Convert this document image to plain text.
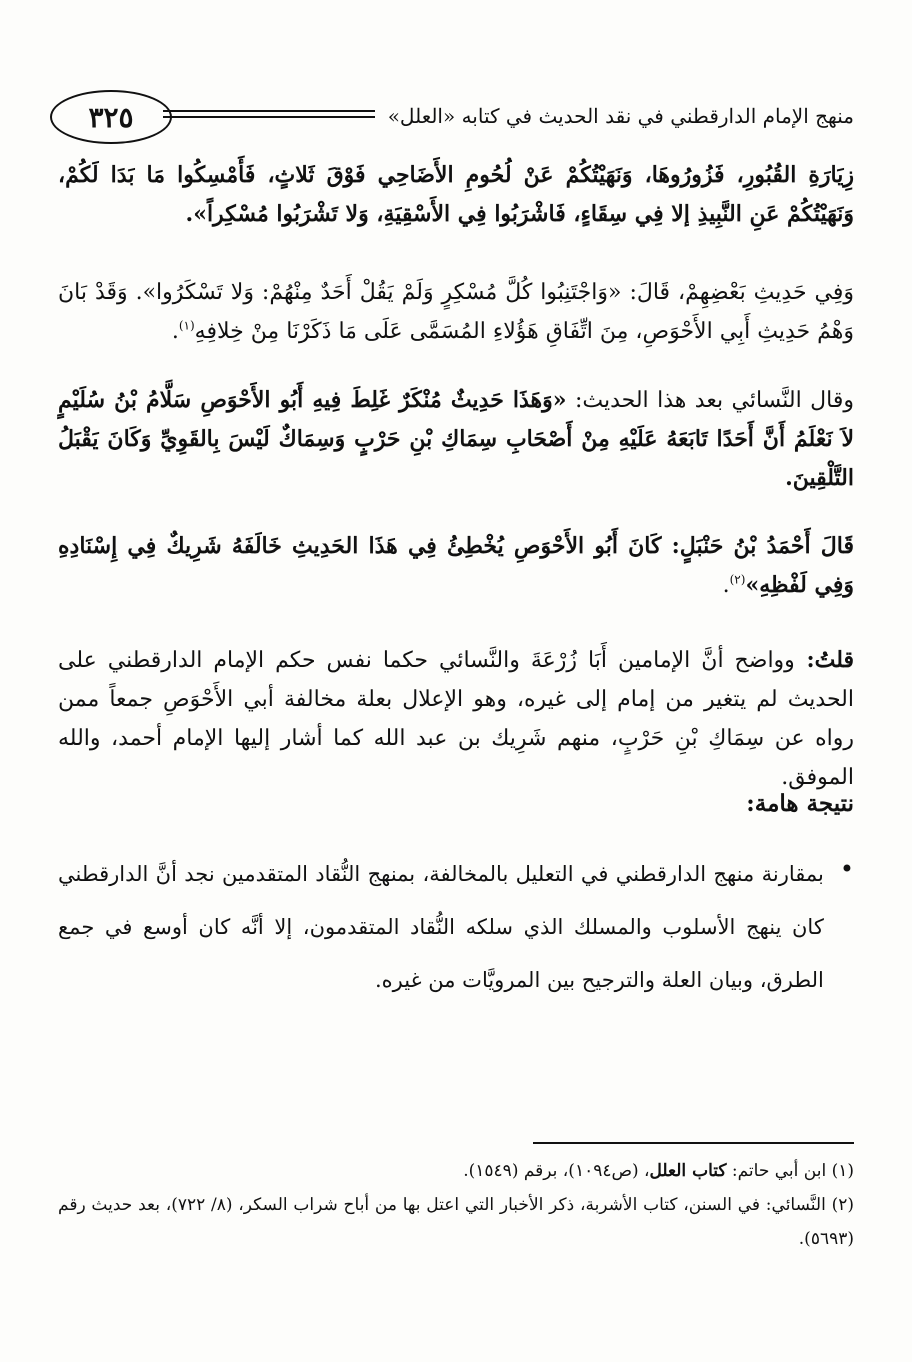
منهج الإمام الدارقطني في نقد الحديث في كتابه «العلل»
٣٢٥
زِيَارَةِ القُبُورِ، فَزُورُوهَا، وَنَهَيْتُكُمْ عَنْ لُحُومِ الأَضَاحِي فَوْقَ ثَلاثٍ، فَأَمْسِكُوا مَا بَدَا لَكُمْ، وَنَهَيْتُكُمْ عَنِ النَّبِيذِ إلا فِي سِقَاءٍ، فَاشْرَبُوا فِي الأَسْقِيَةِ، وَلا تَشْرَبُوا مُسْكِراً».
وَفِي حَدِيثِ بَعْضِهِمْ، قَالَ: «وَاجْتَنِبُوا كُلَّ مُسْكِرٍ وَلَمْ يَقُلْ أَحَدٌ مِنْهُمْ: وَلا تَسْكَرُوا». وَقَدْ بَانَ وَهْمُ حَدِيثِ أَبِي الأَحْوَصِ، مِنَ اتِّفَاقِ هَؤُلاءِ المُسَمَّى عَلَى مَا ذَكَرْنَا مِنْ خِلافِهِ$^{(١)}$.
وقال النَّسائي بعد هذا الحديث: «وَهَذَا حَدِيثٌ مُنْكَرٌ غَلِطَ فِيهِ أَبُو الأَحْوَصِ سَلَّامُ بْنُ سُلَيْمٍ لاَ نَعْلَمُ أَنَّ أَحَدًا تَابَعَهُ عَلَيْهِ مِنْ أَصْحَابِ سِمَاكِ بْنِ حَرْبٍ وَسِمَاكٌ لَيْسَ بِالقَوِيِّ وَكَانَ يَقْبَلُ التَّلْقِينَ.
قَالَ أَحْمَدُ بْنُ حَنْبَلٍ: كَانَ أَبُو الأَحْوَصِ يُخْطِئُ فِي هَذَا الحَدِيثِ خَالَفَهُ شَرِيكٌ فِي إِسْنَادِهِ وَفِي لَفْظِهِ»$^{(٢)}$.
قلتُ: وواضح أنَّ الإمامين أَبَا زُرْعَةَ والنَّسائي حكما نفس حكم الإمام الدارقطني على الحديث لم يتغير من إمام إلى غيره، وهو الإعلال بعلة مخالفة أبي الأَحْوَصِ جمعاً ممن رواه عن سِمَاكِ بْنِ حَرْبٍ، منهم شَرِيك بن عبد الله كما أشار إليها الإمام أحمد، والله الموفق.
نتيجة هامة:
•
بمقارنة منهج الدارقطني في التعليل بالمخالفة، بمنهج النُّقاد المتقدمين نجد أنَّ الدارقطني كان ينهج الأسلوب والمسلك الذي سلكه النُّقاد المتقدمون، إلا أنَّه كان أوسع في جمع الطرق، وبيان العلة والترجيح بين المرويَّات من غيره.
(١) ابن أبي حاتم: كتاب العلل، (ص١٠٩٤)، برقم (١٥٤٩).
(٢) النَّسائي: في السنن، كتاب الأشربة، ذكر الأخبار التي اعتل بها من أباح شراب السكر، (٨/ ٧٢٢)، بعد حديث رقم (٥٦٩٣).
